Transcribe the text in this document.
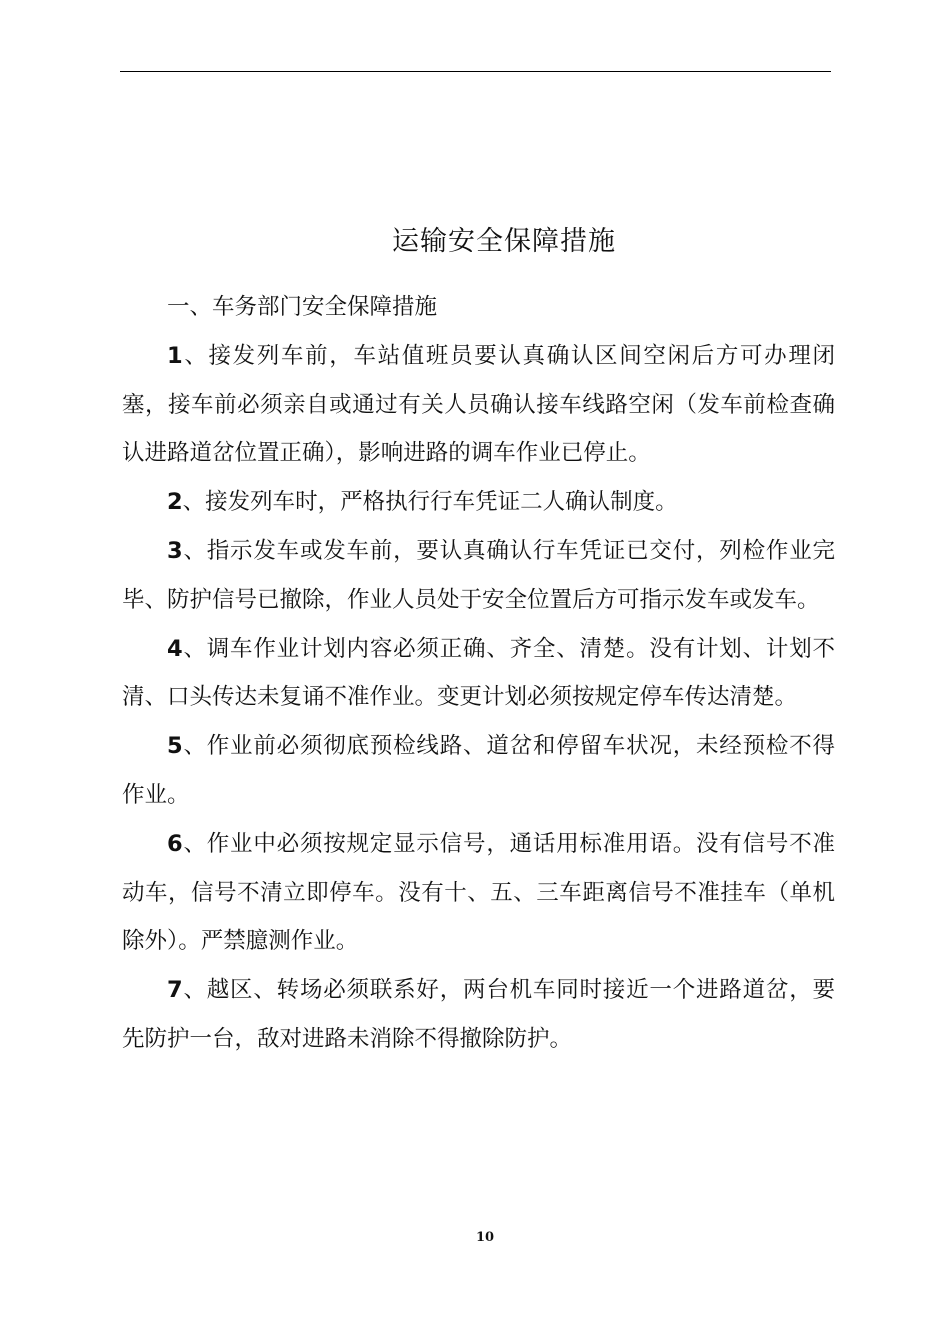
运输安全保障措施

一、车务部门安全保障措施

1、接发列车前，车站值班员要认真确认区间空闲后方可办理闭塞，接车前必须亲自或通过有关人员确认接车线路空闲（发车前检查确认进路道岔位置正确），影响进路的调车作业已停止。

2、接发列车时，严格执行行车凭证二人确认制度。

3、指示发车或发车前，要认真确认行车凭证已交付，列检作业完毕、防护信号已撤除，作业人员处于安全位置后方可指示发车或发车。

4、调车作业计划内容必须正确、齐全、清楚。没有计划、计划不清、口头传达未复诵不准作业。变更计划必须按规定停车传达清楚。

5、作业前必须彻底预检线路、道岔和停留车状况，未经预检不得作业。

6、作业中必须按规定显示信号，通话用标准用语。没有信号不准动车，信号不清立即停车。没有十、五、三车距离信号不准挂车（单机除外）。严禁臆测作业。

7、越区、转场必须联系好，两台机车同时接近一个进路道岔，要先防护一台，敌对进路未消除不得撤除防护。

10
